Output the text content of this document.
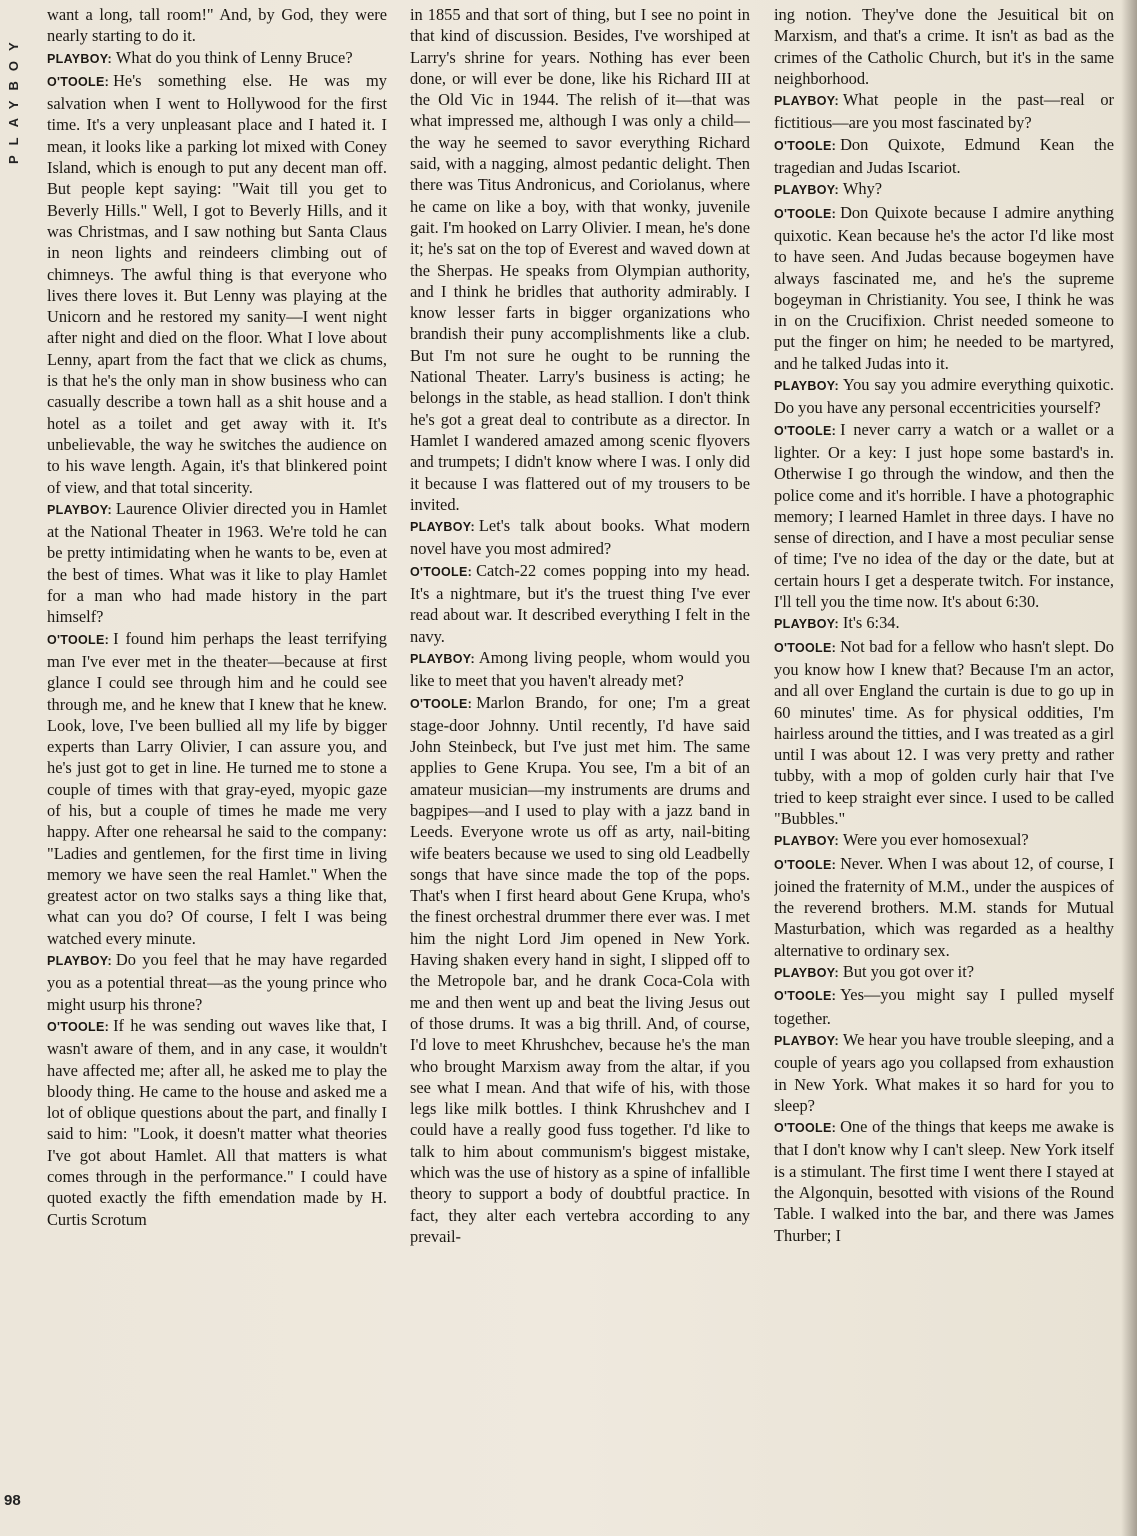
PLAYBOY
98

want a long, tall room!" And, by God, they were nearly starting to do it.

PLAYBOY: What do you think of Lenny Bruce?

O'TOOLE: He's something else. He was my salvation when I went to Hollywood for the first time. It's a very unpleasant place and I hated it. I mean, it looks like a parking lot mixed with Coney Island, which is enough to put any decent man off. But people kept saying: "Wait till you get to Beverly Hills." Well, I got to Beverly Hills, and it was Christmas, and I saw nothing but Santa Claus in neon lights and reindeers climbing out of chimneys. The awful thing is that everyone who lives there loves it. But Lenny was playing at the Unicorn and he restored my sanity—I went night after night and died on the floor. What I love about Lenny, apart from the fact that we click as chums, is that he's the only man in show business who can casually describe a town hall as a shit house and a hotel as a toilet and get away with it. It's unbelievable, the way he switches the audience on to his wave length. Again, it's that blinkered point of view, and that total sincerity.

PLAYBOY: Laurence Olivier directed you in Hamlet at the National Theater in 1963. We're told he can be pretty intimidating when he wants to be, even at the best of times. What was it like to play Hamlet for a man who had made history in the part himself?

O'TOOLE: I found him perhaps the least terrifying man I've ever met in the theater—because at first glance I could see through him and he could see through me, and he knew that I knew that he knew. Look, love, I've been bullied all my life by bigger experts than Larry Olivier, I can assure you, and he's just got to get in line. He turned me to stone a couple of times with that gray-eyed, myopic gaze of his, but a couple of times he made me very happy. After one rehearsal he said to the company: "Ladies and gentlemen, for the first time in living memory we have seen the real Hamlet." When the greatest actor on two stalks says a thing like that, what can you do? Of course, I felt I was being watched every minute.

PLAYBOY: Do you feel that he may have regarded you as a potential threat—as the young prince who might usurp his throne?

O'TOOLE: If he was sending out waves like that, I wasn't aware of them, and in any case, it wouldn't have affected me; after all, he asked me to play the bloody thing. He came to the house and asked me a lot of oblique questions about the part, and finally I said to him: "Look, it doesn't matter what theories I've got about Hamlet. All that matters is what comes through in the performance." I could have quoted exactly the fifth emendation made by H. Curtis Scrotum

in 1855 and that sort of thing, but I see no point in that kind of discussion. Besides, I've worshiped at Larry's shrine for years. Nothing has ever been done, or will ever be done, like his Richard III at the Old Vic in 1944. The relish of it—that was what impressed me, although I was only a child—the way he seemed to savor everything Richard said, with a nagging, almost pedantic delight. Then there was Titus Andronicus, and Coriolanus, where he came on like a boy, with that wonky, juvenile gait. I'm hooked on Larry Olivier. I mean, he's done it; he's sat on the top of Everest and waved down at the Sherpas. He speaks from Olympian authority, and I think he bridles that authority admirably. I know lesser farts in bigger organizations who brandish their puny accomplishments like a club. But I'm not sure he ought to be running the National Theater. Larry's business is acting; he belongs in the stable, as head stallion. I don't think he's got a great deal to contribute as a director. In Hamlet I wandered amazed among scenic flyovers and trumpets; I didn't know where I was. I only did it because I was flattered out of my trousers to be invited.

PLAYBOY: Let's talk about books. What modern novel have you most admired?

O'TOOLE: Catch-22 comes popping into my head. It's a nightmare, but it's the truest thing I've ever read about war. It described everything I felt in the navy.

PLAYBOY: Among living people, whom would you like to meet that you haven't already met?

O'TOOLE: Marlon Brando, for one; I'm a great stage-door Johnny. Until recently, I'd have said John Steinbeck, but I've just met him. The same applies to Gene Krupa. You see, I'm a bit of an amateur musician—my instruments are drums and bagpipes—and I used to play with a jazz band in Leeds. Everyone wrote us off as arty, nail-biting wife beaters because we used to sing old Leadbelly songs that have since made the top of the pops. That's when I first heard about Gene Krupa, who's the finest orchestral drummer there ever was. I met him the night Lord Jim opened in New York. Having shaken every hand in sight, I slipped off to the Metropole bar, and he drank Coca-Cola with me and then went up and beat the living Jesus out of those drums. It was a big thrill. And, of course, I'd love to meet Khrushchev, because he's the man who brought Marxism away from the altar, if you see what I mean. And that wife of his, with those legs like milk bottles. I think Khrushchev and I could have a really good fuss together. I'd like to talk to him about communism's biggest mistake, which was the use of history as a spine of infallible theory to support a body of doubtful practice. In fact, they alter each vertebra according to any prevail-

ing notion. They've done the Jesuitical bit on Marxism, and that's a crime. It isn't as bad as the crimes of the Catholic Church, but it's in the same neighborhood.

PLAYBOY: What people in the past—real or fictitious—are you most fascinated by?

O'TOOLE: Don Quixote, Edmund Kean the tragedian and Judas Iscariot.

PLAYBOY: Why?

O'TOOLE: Don Quixote because I admire anything quixotic. Kean because he's the actor I'd like most to have seen. And Judas because bogeymen have always fascinated me, and he's the supreme bogeyman in Christianity. You see, I think he was in on the Crucifixion. Christ needed someone to put the finger on him; he needed to be martyred, and he talked Judas into it.

PLAYBOY: You say you admire everything quixotic. Do you have any personal eccentricities yourself?

O'TOOLE: I never carry a watch or a wallet or a lighter. Or a key: I just hope some bastard's in. Otherwise I go through the window, and then the police come and it's horrible. I have a photographic memory; I learned Hamlet in three days. I have no sense of direction, and I have a most peculiar sense of time; I've no idea of the day or the date, but at certain hours I get a desperate twitch. For instance, I'll tell you the time now. It's about 6:30.

PLAYBOY: It's 6:34.

O'TOOLE: Not bad for a fellow who hasn't slept. Do you know how I knew that? Because I'm an actor, and all over England the curtain is due to go up in 60 minutes' time. As for physical oddities, I'm hairless around the titties, and I was treated as a girl until I was about 12. I was very pretty and rather tubby, with a mop of golden curly hair that I've tried to keep straight ever since. I used to be called "Bubbles."

PLAYBOY: Were you ever homosexual?

O'TOOLE: Never. When I was about 12, of course, I joined the fraternity of M.M., under the auspices of the reverend brothers. M.M. stands for Mutual Masturbation, which was regarded as a healthy alternative to ordinary sex.

PLAYBOY: But you got over it?

O'TOOLE: Yes—you might say I pulled myself together.

PLAYBOY: We hear you have trouble sleeping, and a couple of years ago you collapsed from exhaustion in New York. What makes it so hard for you to sleep?

O'TOOLE: One of the things that keeps me awake is that I don't know why I can't sleep. New York itself is a stimulant. The first time I went there I stayed at the Algonquin, besotted with visions of the Round Table. I walked into the bar, and there was James Thurber; I
